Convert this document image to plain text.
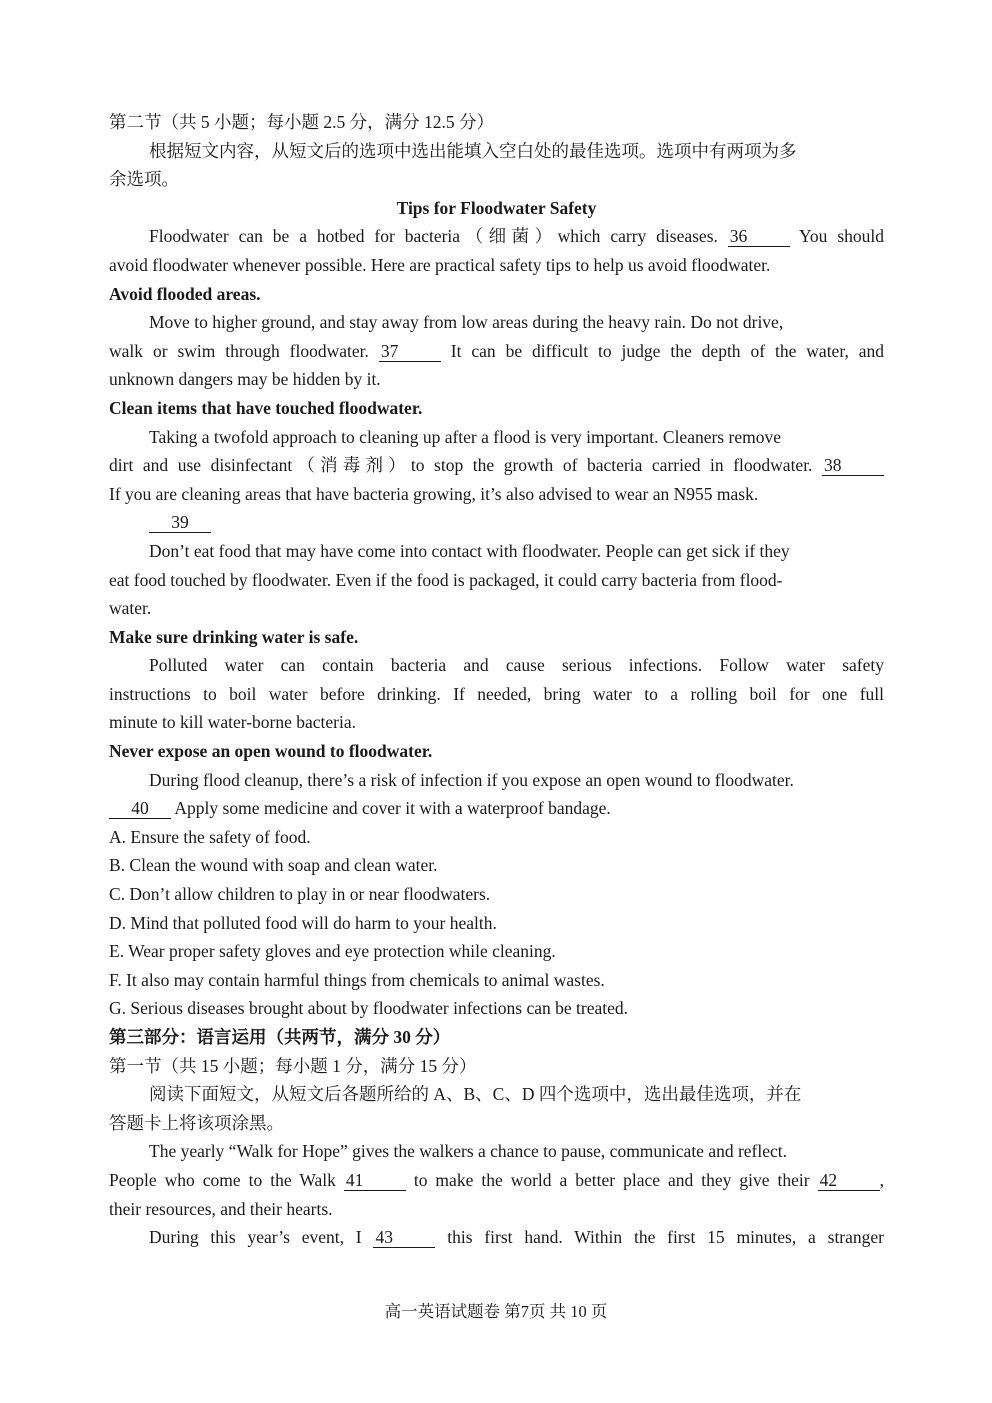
第二节（共 5 小题；每小题 2.5 分，满分 12.5 分）

根据短文内容，从短文后的选项中选出能填入空白处的最佳选项。选项中有两项为多

余选项。

Tips for Floodwater Safety

Floodwater can be a hotbed for bacteria（细菌）which carry diseases. 36	You should

avoid floodwater whenever possible. Here are practical safety tips to help us avoid floodwater.

Avoid flooded areas.

Move to higher ground, and stay away from low areas during the heavy rain. Do not drive,

walk or swim through floodwater. 37	It can be difficult to judge the depth of the water, and

unknown dangers may be hidden by it.

Clean items that have touched floodwater.

Taking a twofold approach to cleaning up after a flood is very important. Cleaners remove

dirt and use disinfectant（消毒剂）to stop the growth of bacteria carried in floodwater. 38

If you are cleaning areas that have bacteria growing, it’s also advised to wear an N955 mask.

39

Don’t eat food that may have come into contact with floodwater. People can get sick if they

eat food touched by floodwater. Even if the food is packaged, it could carry bacteria from flood-

water.

Make sure drinking water is safe.

Polluted water can contain bacteria and cause serious infections. Follow water safety

instructions to boil water before drinking. If needed, bring water to a rolling boil for one full

minute to kill water-borne bacteria.

Never expose an open wound to floodwater.

During flood cleanup, there’s a risk of infection if you expose an open wound to floodwater.

40 Apply some medicine and cover it with a waterproof bandage.

A. Ensure the safety of food.

B. Clean the wound with soap and clean water.

C. Don’t allow children to play in or near floodwaters.

D. Mind that polluted food will do harm to your health.

E. Wear proper safety gloves and eye protection while cleaning.

F. It also may contain harmful things from chemicals to animal wastes.

G. Serious diseases brought about by floodwater infections can be treated.

第三部分：语言运用（共两节，满分 30 分）

第一节（共 15 小题；每小题 1 分，满分 15 分）

阅读下面短文，从短文后各题所给的 A、B、C、D 四个选项中，选出最佳选项，并在

答题卡上将该项涂黑。

The yearly “Walk for Hope” gives the walkers a chance to pause, communicate and reflect.

People who come to the Walk 41	to make the world a better place and they give their 42 ,

their resources, and their hearts.

During this year’s event, I 43	this first hand. Within the first 15 minutes, a stranger

高一英语试题卷 第7页 共 10 页
